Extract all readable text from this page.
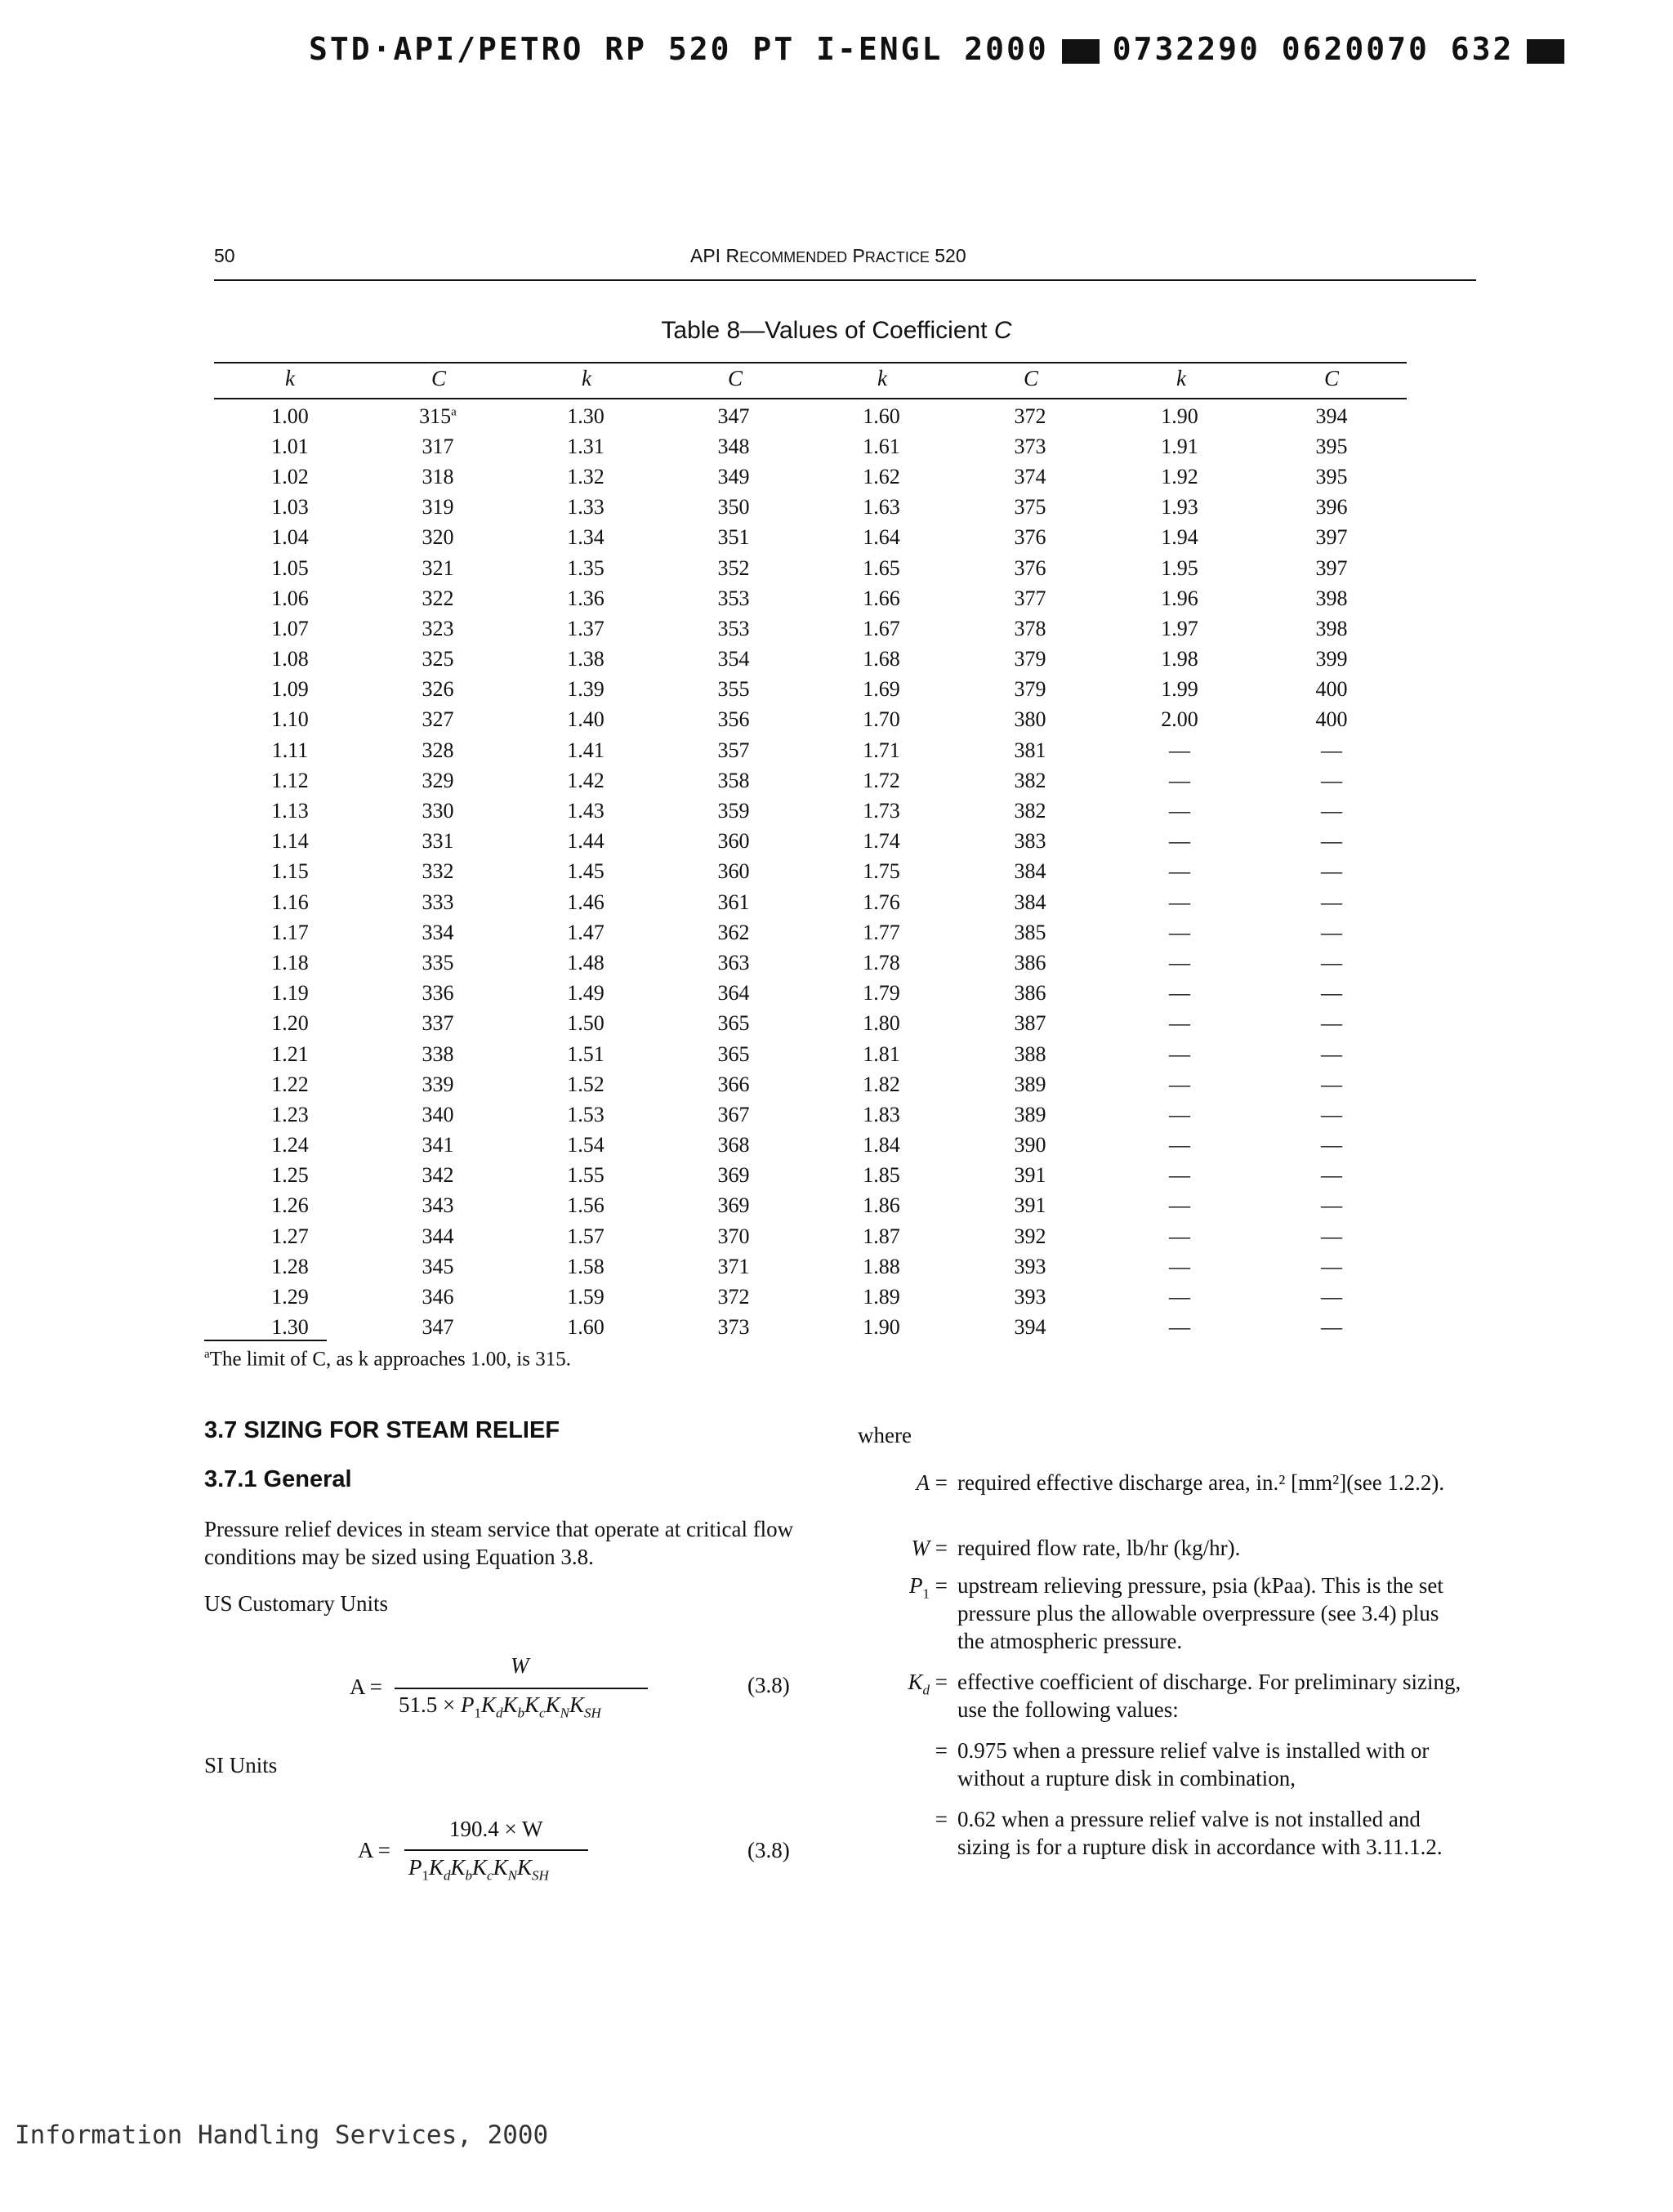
STD·API/PETRO RP 520 PT I-ENGL 2000 0732290 0620070 632
50	API RECOMMENDED PRACTICE 520
Table 8—Values of Coefficient C
k	C	k	C	k	C	k	C
1.00	315$^a$	1.30	347	1.60	372	1.90	394
1.01	317	1.31	348	1.61	373	1.91	395
1.02	318	1.32	349	1.62	374	1.92	395
1.03	319	1.33	350	1.63	375	1.93	396
1.04	320	1.34	351	1.64	376	1.94	397
1.05	321	1.35	352	1.65	376	1.95	397
1.06	322	1.36	353	1.66	377	1.96	398
1.07	323	1.37	353	1.67	378	1.97	398
1.08	325	1.38	354	1.68	379	1.98	399
1.09	326	1.39	355	1.69	379	1.99	400
1.10	327	1.40	356	1.70	380	2.00	400
1.11	328	1.41	357	1.71	381	—	—
1.12	329	1.42	358	1.72	382	—	—
1.13	330	1.43	359	1.73	382	—	—
1.14	331	1.44	360	1.74	383	—	—
1.15	332	1.45	360	1.75	384	—	—
1.16	333	1.46	361	1.76	384	—	—
1.17	334	1.47	362	1.77	385	—	—
1.18	335	1.48	363	1.78	386	—	—
1.19	336	1.49	364	1.79	386	—	—
1.20	337	1.50	365	1.80	387	—	—
1.21	338	1.51	365	1.81	388	—	—
1.22	339	1.52	366	1.82	389	—	—
1.23	340	1.53	367	1.83	389	—	—
1.24	341	1.54	368	1.84	390	—	—
1.25	342	1.55	369	1.85	391	—	—
1.26	343	1.56	369	1.86	391	—	—
1.27	344	1.57	370	1.87	392	—	—
1.28	345	1.58	371	1.88	393	—	—
1.29	346	1.59	372	1.89	393	—	—
1.30	347	1.60	373	1.90	394	—	—
$^a$The limit of C, as k approaches 1.00, is 315.
3.7 SIZING FOR STEAM RELIEF
3.7.1 General
Pressure relief devices in steam service that operate at critical flow conditions may be sized using Equation 3.8.
US Customary Units
A =
W
$51.5 \times P_1K_dK_bK_cK_NK_{SH}$
(3.8)
SI Units
A =
190.4 × W
$P_1K_dK_bK_cK_NK_{SH}$
(3.8)
where
A = required effective discharge area, in.² [mm²](see 1.2.2).
W = required flow rate, lb/hr (kg/hr).
$P_1$ = upstream relieving pressure, psia (kPaa). This is the set pressure plus the allowable overpressure (see 3.4) plus the atmospheric pressure.
$K_d$ = effective coefficient of discharge. For preliminary sizing, use the following values:
= 0.975 when a pressure relief valve is installed with or without a rupture disk in combination,
= 0.62 when a pressure relief valve is not installed and sizing is for a rupture disk in accordance with 3.11.1.2.
Information Handling Services, 2000
